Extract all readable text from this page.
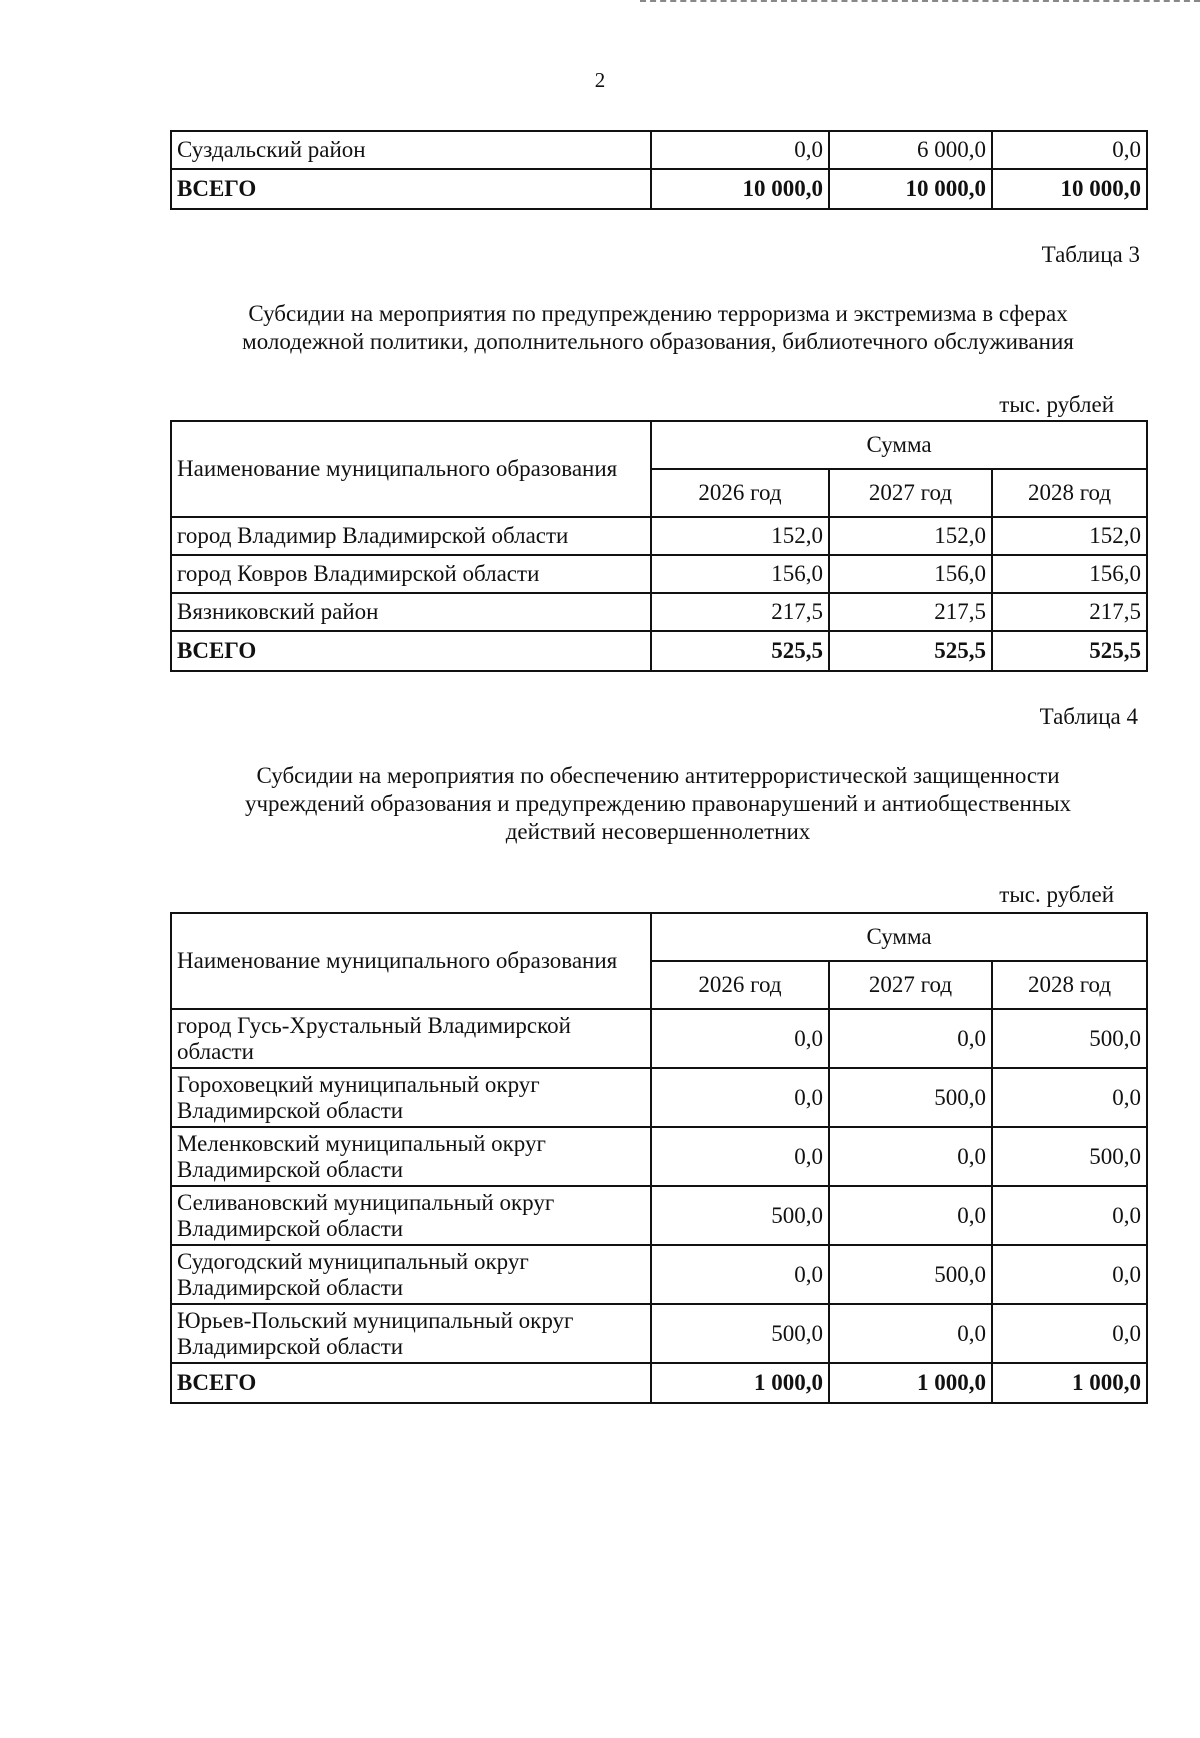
2
Суздальский район	0,0	6 000,0	0,0
ВСЕГО	10 000,0	10 000,0	10 000,0
Таблица 3
Субсидии на мероприятия по предупреждению терроризма и экстремизма в сферах
молодежной политики, дополнительного образования, библиотечного обслуживания
тыс. рублей
Наименование муниципального образования	Сумма		
	2026 год	2027 год	2028 год
город Владимир Владимирской области	152,0	152,0	152,0
город Ковров Владимирской области	156,0	156,0	156,0
Вязниковский район	217,5	217,5	217,5
ВСЕГО	525,5	525,5	525,5
Таблица 4
Субсидии на мероприятия по обеспечению антитеррористической защищенности
учреждений образования и предупреждению правонарушений и антиобщественных
действий несовершеннолетних
тыс. рублей
Наименование муниципального образования	Сумма		
	2026 год	2027 год	2028 год

город Гусь-Хрустальный Владимирской
области	0,0	0,0	500,0

Гороховецкий муниципальный округ
Владимирской области	0,0	500,0	0,0

Меленковский муниципальный округ
Владимирской области	0,0	0,0	500,0

Селивановский муниципальный округ
Владимирской области	500,0	0,0	0,0

Судогодский муниципальный округ
Владимирской области	0,0	500,0	0,0

Юрьев-Польский муниципальный округ
Владимирской области	500,0	0,0	0,0
ВСЕГО	1 000,0	1 000,0	1 000,0
